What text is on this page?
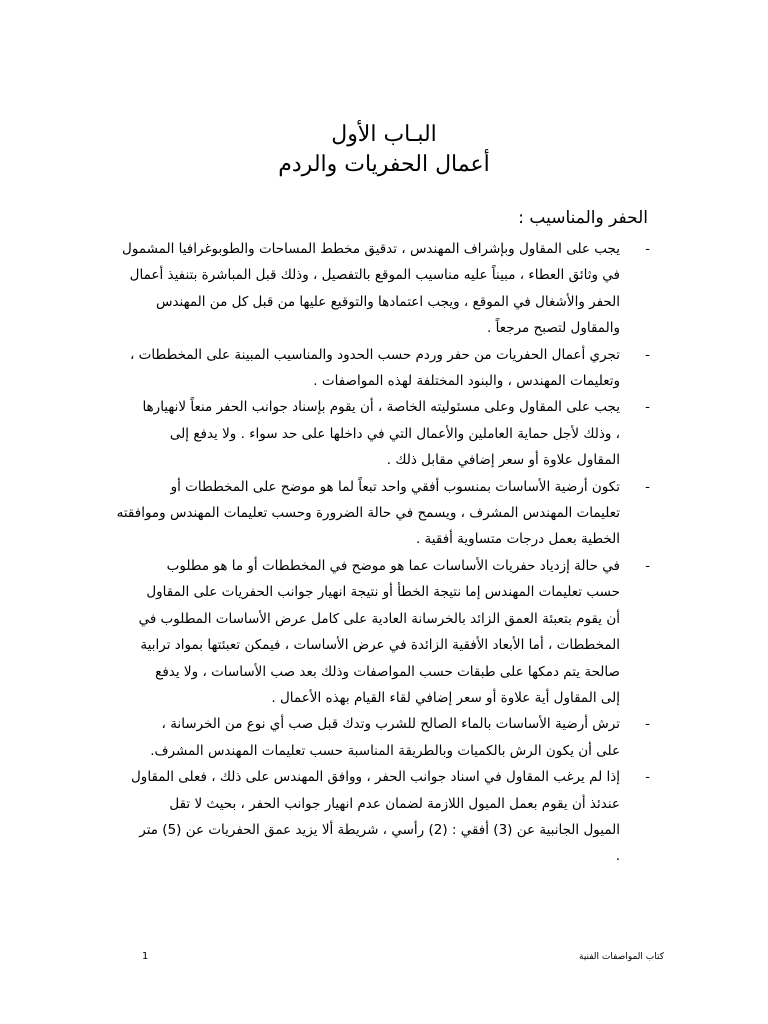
البـاب الأول
أعمال الحفريات والردم
الحفر والمناسيب :
-
يجب على المقاول وبإشراف المهندس ، تدقيق مخطط المساحات والطوبوغرافيا المشمول
في وثائق العطاء ، مبيناً عليه مناسيب الموقع بالتفصيل ، وذلك قبل المباشرة بتنفيذ أعمال
الحفر والأشغال في الموقع ، ويجب اعتمادها والتوقيع عليها من قبل كل من المهندس
والمقاول لتصبح مرجعاً .
-
تجري أعمال الحفريات من حفر وردم حسب الحدود والمناسيب المبينة على المخططات ،
وتعليمات المهندس ، والبنود المختلفة لهذه المواصفات .
-
يجب على المقاول وعلى مسئوليته الخاصة ، أن يقوم بإسناد جوانب الحفر منعاً لانهيارها
، وذلك لأجل حماية العاملين والأعمال التي في داخلها على حد سواء . ولا يدفع إلى
المقاول علاوة أو سعر إضافي مقابل ذلك .
-
تكون أرضية الأساسات بمنسوب أفقي واحد تبعاً لما هو موضح على المخططات أو
تعليمات المهندس المشرف ، ويسمح في حالة الضرورة وحسب تعليمات المهندس وموافقته
الخطية بعمل درجات متساوية أفقية .
-
في حالة إزدياد حفريات الأساسات عما هو موضح في المخططات أو ما هو مطلوب
حسب تعليمات المهندس إما نتيجة الخطأ أو نتيجة انهيار جوانب الحفريات على المقاول
أن يقوم بتعبئة العمق الزائد بالخرسانة العادية على كامل عرض الأساسات المطلوب في
المخططات ، أما الأبعاد الأفقية الزائدة في عرض الأساسات ، فيمكن تعبئتها بمواد ترابية
صالحة يتم دمكها على طبقات حسب المواصفات وذلك بعد صب الأساسات ، ولا يدفع
إلى المقاول أية علاوة أو سعر إضافي لقاء القيام بهذه الأعمال .
-
ترش أرضية الأساسات بالماء الصالح للشرب وتدك قبل صب أي نوع من الخرسانة ،
على أن يكون الرش بالكميات وبالطريقة المناسبة حسب تعليمات المهندس المشرف.
-
إذا لم يرغب المقاول في اسناد جوانب الحفر ، ووافق المهندس على ذلك ، فعلى المقاول
عندئذ أن يقوم بعمل الميول اللازمة لضمان عدم انهيار جوانب الحفر ، بحيث لا تقل
الميول الجانبية عن (3) أفقي : (2) رأسي ، شريطة ألا يزيد عمق الحفريات عن (5) متر
.
1	كتاب المواصفات الفنية
